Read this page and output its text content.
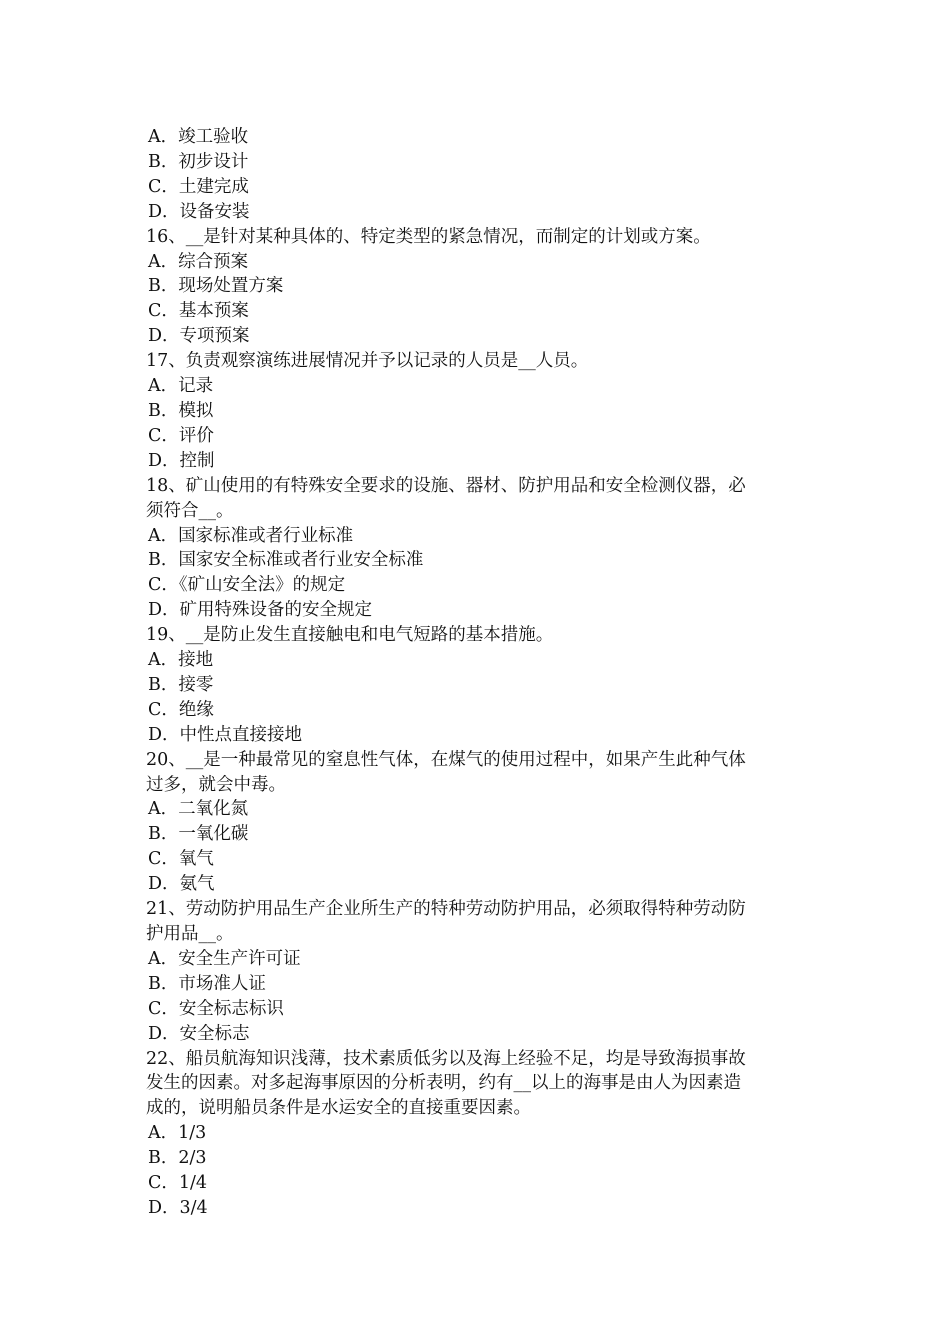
A．竣工验收
B．初步设计
C．土建完成
D．设备安装
16、__是针对某种具体的、特定类型的紧急情况，而制定的计划或方案。
A．综合预案
B．现场处置方案
C．基本预案
D．专项预案
17、负责观察演练进展情况并予以记录的人员是__人员。
A．记录
B．模拟
C．评价
D．控制
18、矿山使用的有特殊安全要求的设施、器材、防护用品和安全检测仪器，必
须符合__。
A．国家标准或者行业标准
B．国家安全标准或者行业安全标准
C．《矿山安全法》的规定
D．矿用特殊设备的安全规定
19、__是防止发生直接触电和电气短路的基本措施。
A．接地
B．接零
C．绝缘
D．中性点直接接地
20、__是一种最常见的窒息性气体，在煤气的使用过程中，如果产生此种气体
过多，就会中毒。
A．二氧化氮
B．一氧化碳
C．氧气
D．氨气
21、劳动防护用品生产企业所生产的特种劳动防护用品，必须取得特种劳动防
护用品__。
A．安全生产许可证
B．市场准人证
C．安全标志标识
D．安全标志
22、船员航海知识浅薄，技术素质低劣以及海上经验不足，均是导致海损事故
发生的因素。对多起海事原因的分析表明，约有__以上的海事是由人为因素造
成的，说明船员条件是水运安全的直接重要因素。
A．1/3
B．2/3
C．1/4
D．3/4
